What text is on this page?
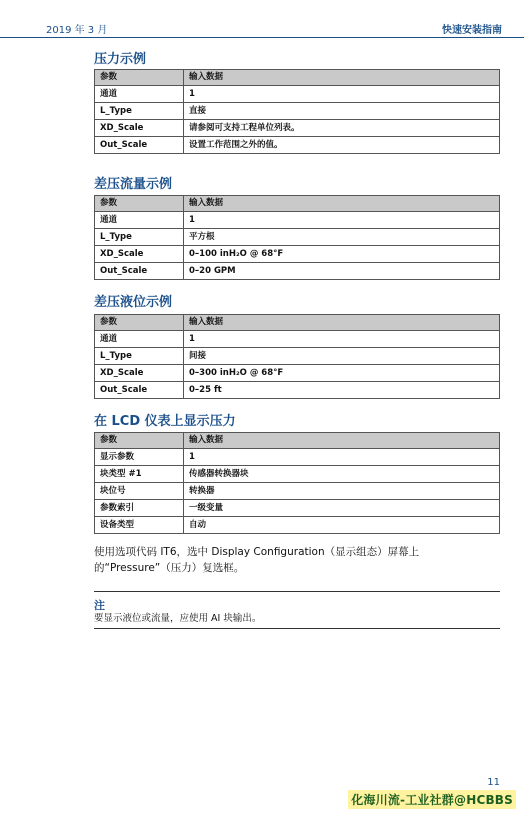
2019 年 3 月	快速安装指南
压力示例
参数	输入数据
通道	1
L_Type	直接
XD_Scale	请参阅可支持工程单位列表。
Out_Scale	设置工作范围之外的值。
差压流量示例
参数	输入数据
通道	1
L_Type	平方根
XD_Scale	0–100 inH₂O @ 68°F
Out_Scale	0–20 GPM
差压液位示例
参数	输入数据
通道	1
L_Type	间接
XD_Scale	0–300 inH₂O @ 68°F
Out_Scale	0–25 ft
在 LCD 仪表上显示压力
参数	输入数据
显示参数	1
块类型 #1	传感器转换器块
块位号	转换器
参数索引	一级变量
设备类型	自动

使用选项代码 IT6，选中 Display Configuration（显示组态）屏幕上的“Pressure”（压力）复选框。

注
要显示液位或流量，应使用 AI 块输出。
11
化海川流-工业社群@HCBBS
